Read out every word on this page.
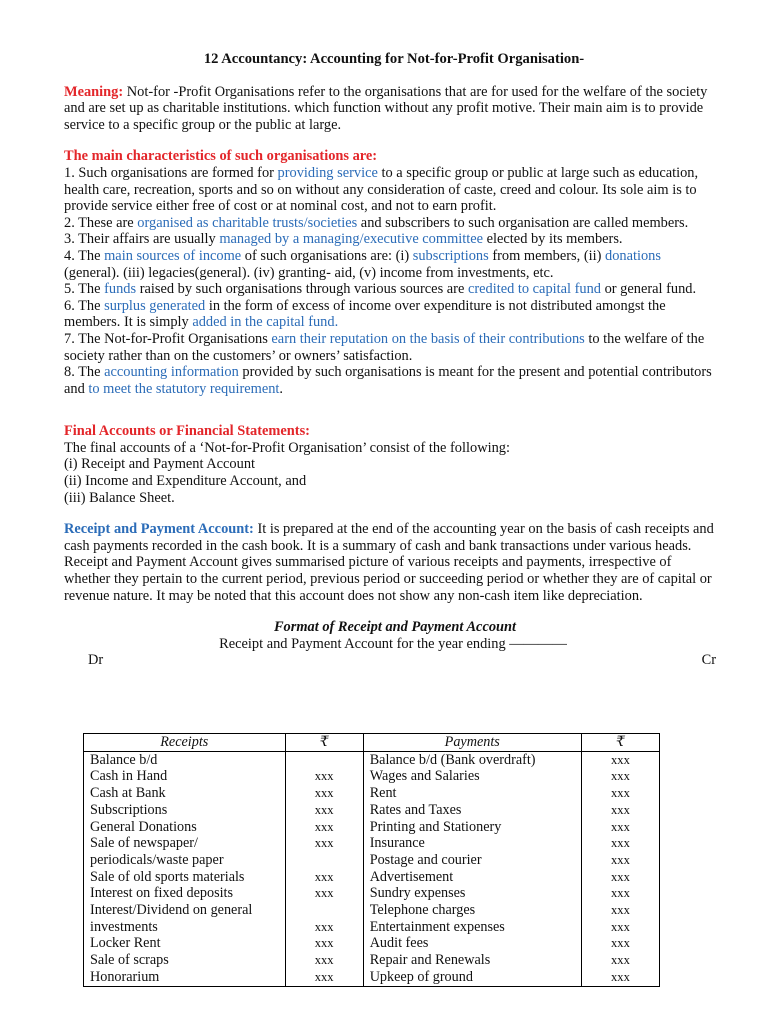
12 Accountancy: Accounting for Not-for-Profit Organisation-

Meaning: Not-for -Profit Organisations refer to the organisations that are for used for the welfare of the society and are set up as charitable institutions. which function without any profit motive. Their main aim is to provide service to a specific group or the public at large.

The main characteristics of such organisations are:

1. Such organisations are formed for providing service to a specific group or public at large such as education, health care, recreation, sports and so on without any consideration of caste, creed and colour. Its sole aim is to provide service either free of cost or at nominal cost, and not to earn profit.

2. These are organised as charitable trusts/societies and subscribers to such organisation are called members.

3. Their affairs are usually managed by a managing/executive committee elected by its members.

4. The main sources of income of such organisations are: (i) subscriptions from members, (ii) donations (general). (iii) legacies(general). (iv) granting- aid, (v) income from investments, etc.

5. The funds raised by such organisations through various sources are credited to capital fund or general fund.

6. The surplus generated in the form of excess of income over expenditure is not distributed amongst the members. It is simply added in the capital fund.

7. The Not-for-Profit Organisations earn their reputation on the basis of their contributions to the welfare of the society rather than on the customers’ or owners’ satisfaction.

8. The accounting information provided by such organisations is meant for the present and potential contributors and to meet the statutory requirement.

Final Accounts or Financial Statements:

The final accounts of a ‘Not-for-Profit Organisation’ consist of the following:

(i) Receipt and Payment Account

(ii) Income and Expenditure Account, and

(iii) Balance Sheet.

Receipt and Payment Account: It is prepared at the end of the accounting year on the basis of cash receipts and cash payments recorded in the cash book. It is a summary of cash and bank transactions under various heads. Receipt and Payment Account gives summarised picture of various receipts and payments, irrespective of whether they pertain to the current period, previous period or succeeding period or whether they are of capital or revenue nature. It may be noted that this account does not show any non-cash item like depreciation.

Format of Receipt and Payment Account

Receipt and Payment Account for the year ending ————

Dr	Cr
Receipts	₹	Payments	₹
Balance b/d		Balance b/d (Bank overdraft)	xxx
Cash in Hand	xxx	Wages and Salaries	xxx
Cash at Bank	xxx	Rent	xxx
Subscriptions	xxx	Rates and Taxes	xxx
General Donations	xxx	Printing and Stationery	xxx
Sale of newspaper/	xxx	Insurance	xxx
periodicals/waste paper		Postage and courier	xxx
Sale of old sports materials	xxx	Advertisement	xxx
Interest on fixed deposits	xxx	Sundry expenses	xxx
Interest/Dividend on general		Telephone charges	xxx
investments	xxx	Entertainment expenses	xxx
Locker Rent	xxx	Audit fees	xxx
Sale of scraps	xxx	Repair and Renewals	xxx
Honorarium	xxx	Upkeep of ground	xxx
